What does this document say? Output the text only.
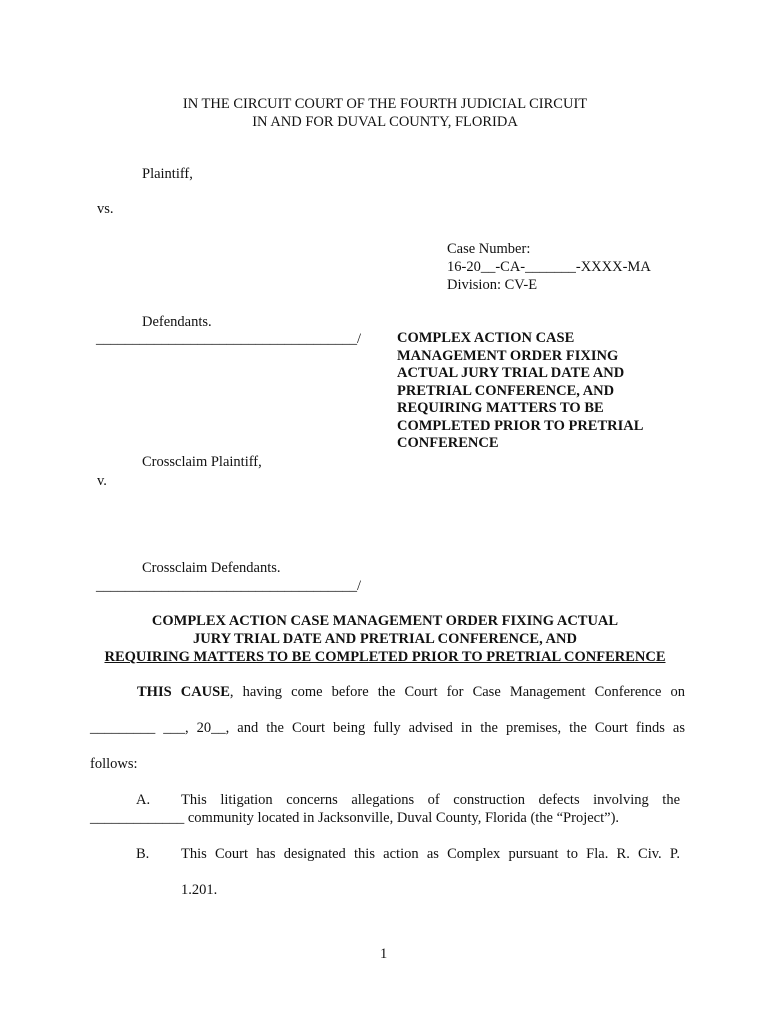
IN THE CIRCUIT COURT OF THE FOURTH JUDICIAL CIRCUIT
IN AND FOR DUVAL COUNTY, FLORIDA
Plaintiff,
vs.
Case Number:
16-20__-CA-_______-XXXX-MA
Division: CV-E
Defendants.
____________________________________/ COMPLEX ACTION CASE MANAGEMENT ORDER FIXING ACTUAL JURY TRIAL DATE AND PRETRIAL CONFERENCE, AND REQUIRING MATTERS TO BE COMPLETED PRIOR TO PRETRIAL CONFERENCE
Crossclaim Plaintiff,
v.
Crossclaim Defendants.
____________________________________/
COMPLEX ACTION CASE MANAGEMENT ORDER FIXING ACTUAL
JURY TRIAL DATE AND PRETRIAL CONFERENCE, AND
REQUIRING MATTERS TO BE COMPLETED PRIOR TO PRETRIAL CONFERENCE
THIS CAUSE, having come before the Court for Case Management Conference on
_________ ___, 20__, and the Court being fully advised in the premises, the Court finds as
follows:
A. This litigation concerns allegations of construction defects involving the
_____________ community located in Jacksonville, Duval County, Florida (the “Project”).
B. This Court has designated this action as Complex pursuant to Fla. R. Civ. P.
1.201.
1
